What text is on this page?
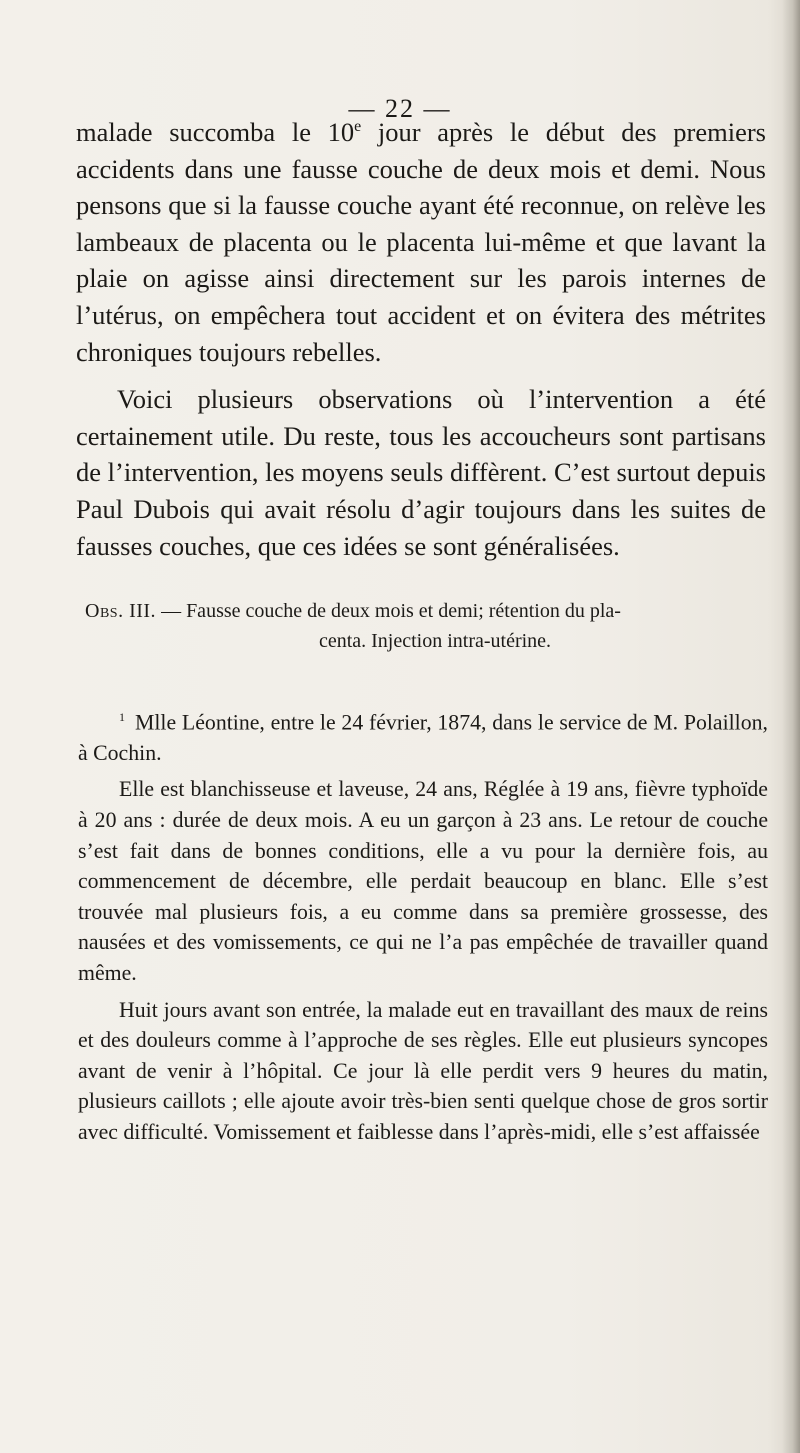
— 22 —

malade succomba le 10e jour après le début des premiers accidents dans une fausse couche de deux mois et demi. Nous pensons que si la fausse couche ayant été reconnue, on relève les lambeaux de placenta ou le placenta lui-même et que lavant la plaie on agisse ainsi directement sur les parois internes de l’utérus, on empêchera tout accident et on évitera des métrites chroniques toujours rebelles.

Voici plusieurs observations où l’intervention a été certainement utile. Du reste, tous les accoucheurs sont partisans de l’intervention, les moyens seuls diffèrent. C’est surtout depuis Paul Dubois qui avait résolu d’agir toujours dans les suites de fausses couches, que ces idées se sont généralisées.

Obs. III. — Fausse couche de deux mois et demi; rétention du pla-
centa. Injection intra-utérine.

$^1$ Mlle Léontine, entre le 24 février, 1874, dans le service de M. Polaillon, à Cochin.

Elle est blanchisseuse et laveuse, 24 ans, Réglée à 19 ans, fièvre typhoïde à 20 ans : durée de deux mois. A eu un garçon à 23 ans. Le retour de couche s’est fait dans de bonnes conditions, elle a vu pour la dernière fois, au commencement de décembre, elle perdait beaucoup en blanc. Elle s’est trouvée mal plusieurs fois, a eu comme dans sa première grossesse, des nausées et des vomissements, ce qui ne l’a pas empêchée de travailler quand même.

Huit jours avant son entrée, la malade eut en travaillant des maux de reins et des douleurs comme à l’approche de ses règles. Elle eut plusieurs syncopes avant de venir à l’hôpital. Ce jour là elle perdit vers 9 heures du matin, plusieurs caillots ; elle ajoute avoir très-bien senti quelque chose de gros sortir avec difficulté. Vomissement et faiblesse dans l’après-midi, elle s’est affaissée
